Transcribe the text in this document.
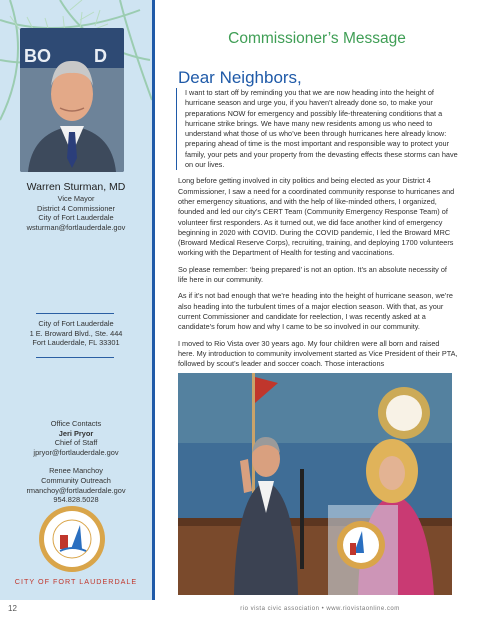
BO D
Warren Sturman, MD
Vice Mayor
District 4 Commissioner
City of Fort Lauderdale
wsturman@fortlauderdale.gov
City of Fort Lauderdale
1 E. Broward Blvd., Ste. 444
Fort Lauderdale, FL 33301
Office Contacts
Jeri Pryor
Chief of Staff
jpryor@fortlauderdale.gov
Renee Manchoy
Community Outreach
rmanchoy@fortlauderdale.gov
954.828.5028
CITY OF FORT LAUDERDALE
Commissioner’s Message
Dear Neighbors,

I want to start off by reminding you that we are now heading into the height of hurricane season and urge you, if you haven’t already done so, to make your preparations NOW for emergency and possibly life-threatening conditions that a hurricane strike brings. We have many new residents among us who need to understand what those of us who’ve been through hurricanes here already know: preparing ahead of time is the most important and responsible way to protect your family, your pets and your property from the devasting effects these storms can have on our lives.

Long before getting involved in city politics and being elected as your District 4 Commissioner, I saw a need for a coordinated community response to hurricanes and other emergency situations, and with the help of like-minded others, I organized, founded and led our city’s CERT Team (Community Emergency Response Team) of volunteer first responders. As it turned out, we did face another kind of emergency beginning in 2020 with COVID. During the COVID pandemic, I led the Broward MRC (Broward Medical Reserve Corps), recruiting, training, and deploying 1700 volunteers working with the Department of Health for testing and vaccinations.

So please remember: ‘being prepared’ is not an option. It’s an absolute necessity of life here in our community.

As if it’s not bad enough that we’re heading into the height of hurricane season, we’re also heading into the turbulent times of a major election season. With that, as your current Commissioner and candidate for reelection, I was recently asked at a candidate’s forum how and why I came to be so involved in our community.

I moved to Rio Vista over 30 years ago. My four children were all born and raised here. My introduction to community involvement started as Vice President of their PTA, followed by scout’s leader and soccer coach. Those interactions

12	rio vista civic association • www.riovistaonline.com
